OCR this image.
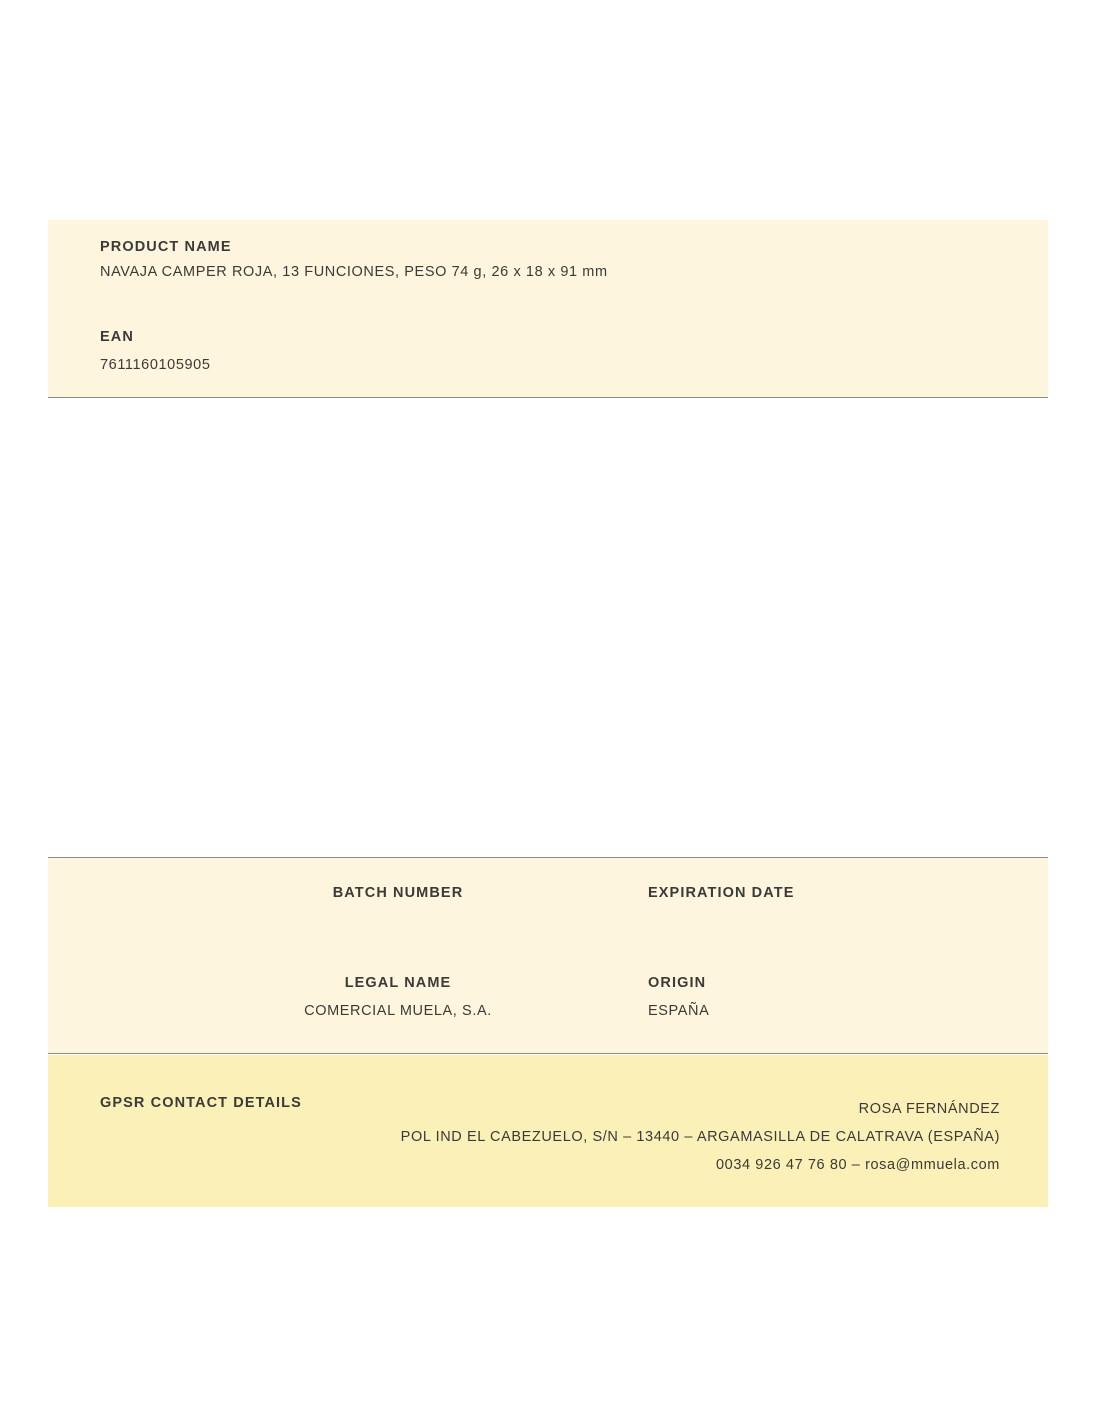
PRODUCT NAME
NAVAJA CAMPER ROJA, 13 FUNCIONES, PESO 74 g, 26 x 18 x 91 mm
EAN
7611160105905
BATCH NUMBER
LEGAL NAME
COMERCIAL MUELA, S.A.
EXPIRATION DATE
ORIGIN
ESPAÑA
GPSR CONTACT DETAILS	ROSA FERNÁNDEZ
POL IND EL CABEZUELO, S/N – 13440 – ARGAMASILLA DE CALATRAVA (ESPAÑA)
0034 926 47 76 80 – rosa@mmuela.com
